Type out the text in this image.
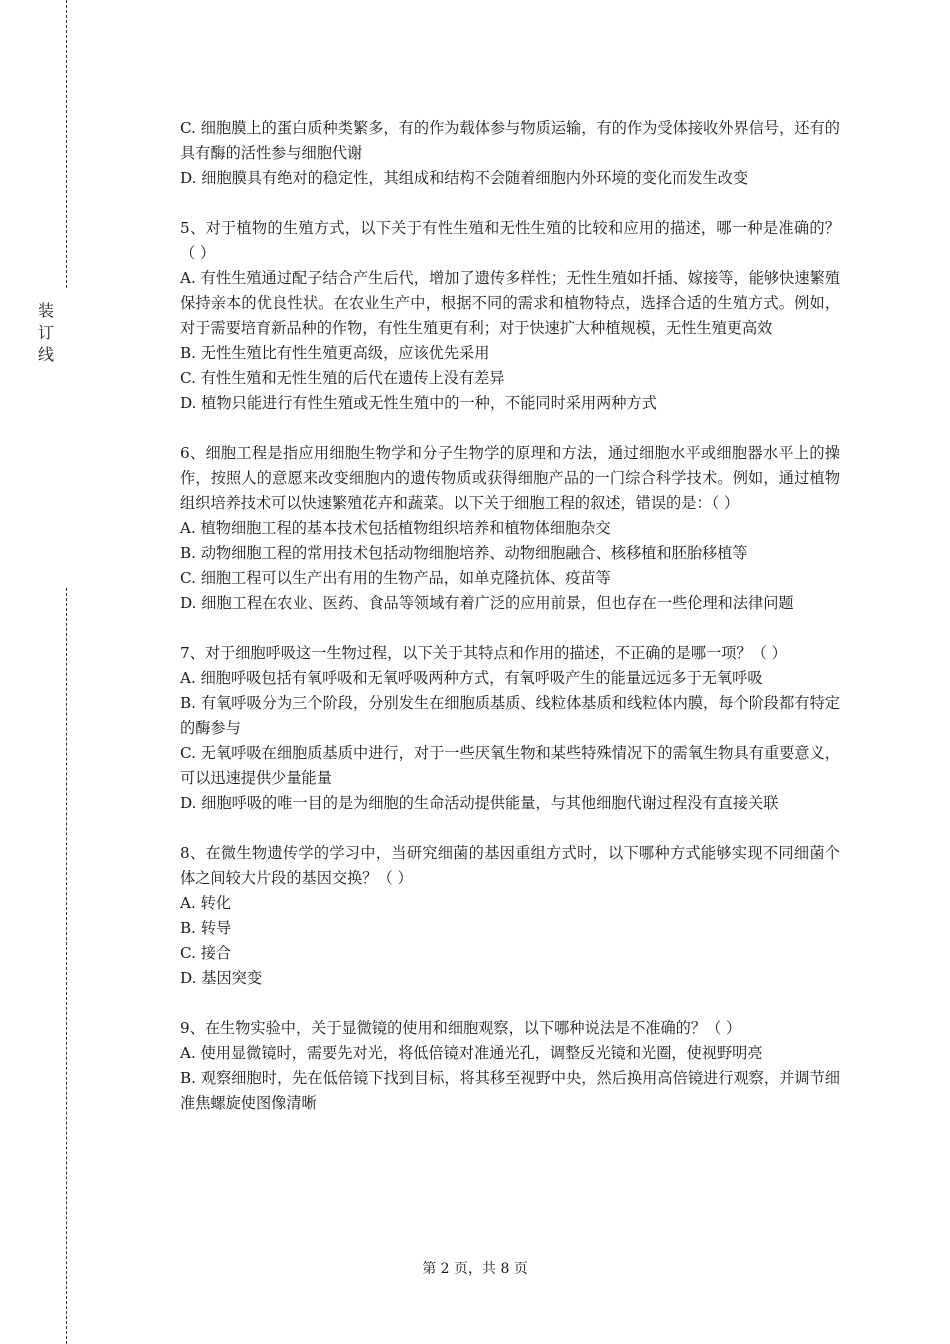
装
订
线

C. 细胞膜上的蛋白质种类繁多，有的作为载体参与物质运输，有的作为受体接收外界信号，还有的具有酶的活性参与细胞代谢

D. 细胞膜具有绝对的稳定性，其组成和结构不会随着细胞内外环境的变化而发生改变

5、对于植物的生殖方式，以下关于有性生殖和无性生殖的比较和应用的描述，哪一种是准确的？（ ）

A. 有性生殖通过配子结合产生后代，增加了遗传多样性；无性生殖如扦插、嫁接等，能够快速繁殖保持亲本的优良性状。在农业生产中，根据不同的需求和植物特点，选择合适的生殖方式。例如，对于需要培育新品种的作物，有性生殖更有利；对于快速扩大种植规模，无性生殖更高效

B. 无性生殖比有性生殖更高级，应该优先采用

C. 有性生殖和无性生殖的后代在遗传上没有差异

D. 植物只能进行有性生殖或无性生殖中的一种，不能同时采用两种方式

6、细胞工程是指应用细胞生物学和分子生物学的原理和方法，通过细胞水平或细胞器水平上的操作，按照人的意愿来改变细胞内的遗传物质或获得细胞产品的一门综合科学技术。例如，通过植物组织培养技术可以快速繁殖花卉和蔬菜。以下关于细胞工程的叙述，错误的是：（ ）

A. 植物细胞工程的基本技术包括植物组织培养和植物体细胞杂交

B. 动物细胞工程的常用技术包括动物细胞培养、动物细胞融合、核移植和胚胎移植等

C. 细胞工程可以生产出有用的生物产品，如单克隆抗体、疫苗等

D. 细胞工程在农业、医药、食品等领域有着广泛的应用前景，但也存在一些伦理和法律问题

7、对于细胞呼吸这一生物过程，以下关于其特点和作用的描述，不正确的是哪一项？（ ）

A. 细胞呼吸包括有氧呼吸和无氧呼吸两种方式，有氧呼吸产生的能量远远多于无氧呼吸

B. 有氧呼吸分为三个阶段，分别发生在细胞质基质、线粒体基质和线粒体内膜，每个阶段都有特定的酶参与

C. 无氧呼吸在细胞质基质中进行，对于一些厌氧生物和某些特殊情况下的需氧生物具有重要意义，可以迅速提供少量能量

D. 细胞呼吸的唯一目的是为细胞的生命活动提供能量，与其他细胞代谢过程没有直接关联

8、在微生物遗传学的学习中，当研究细菌的基因重组方式时，以下哪种方式能够实现不同细菌个体之间较大片段的基因交换？（ ）

A. 转化

B. 转导

C. 接合

D. 基因突变

9、在生物实验中，关于显微镜的使用和细胞观察，以下哪种说法是不准确的？（ ）

A. 使用显微镜时，需要先对光，将低倍镜对准通光孔，调整反光镜和光圈，使视野明亮

B. 观察细胞时，先在低倍镜下找到目标，将其移至视野中央，然后换用高倍镜进行观察，并调节细准焦螺旋使图像清晰

第 2 页，共 8 页
